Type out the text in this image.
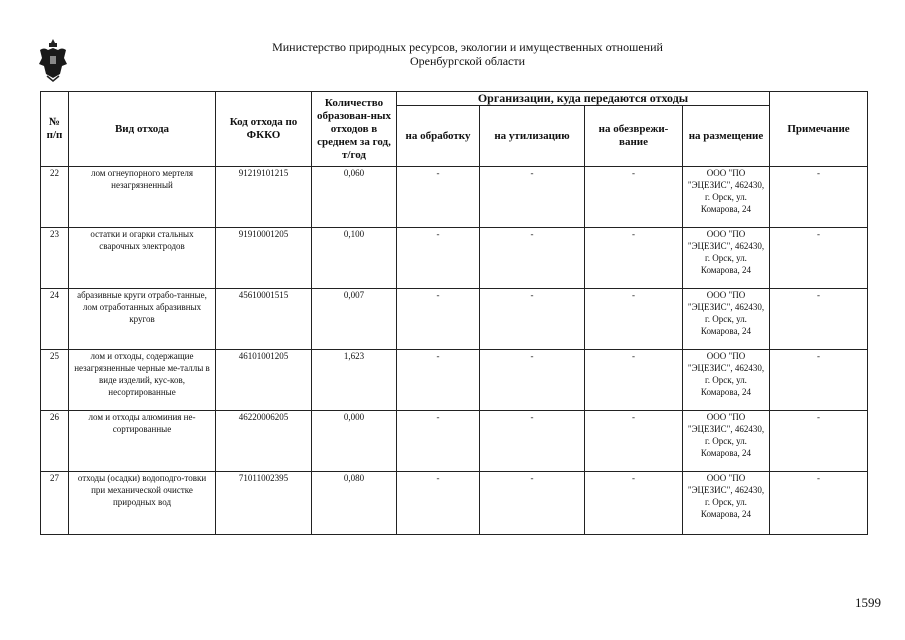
Министерство природных ресурсов, экологии и имущественных отношений
Оренбургской области
№ п/п	Вид отхода	Код отхода по ФККО	Количество образован-ных отходов в среднем за год, т/год	Организации, куда передаются отходы				Примечание
				на обработку	на утилизацию	на обезврежи-вание	на размещение	
22	лом огнеупорного мертеля незагрязненный	91219101215	0,060	-	-	-	ООО "ПО "ЭЦЕЗИС", 462430, г. Орск, ул. Комарова, 24	-
23	остатки и огарки стальных сварочных электродов	91910001205	0,100	-	-	-	ООО "ПО "ЭЦЕЗИС", 462430, г. Орск, ул. Комарова, 24	-
24	абразивные круги отрабо-танные, лом отработанных абразивных кругов	45610001515	0,007	-	-	-	ООО "ПО "ЭЦЕЗИС", 462430, г. Орск, ул. Комарова, 24	-
25	лом и отходы, содержащие незагрязненные черные ме-таллы в виде изделий, кус-ков, несортированные	46101001205	1,623	-	-	-	ООО "ПО "ЭЦЕЗИС", 462430, г. Орск, ул. Комарова, 24	-
26	лом и отходы алюминия не-сортированные	46220006205	0,000	-	-	-	ООО "ПО "ЭЦЕЗИС", 462430, г. Орск, ул. Комарова, 24	-
27	отходы (осадки) водоподго-товки при механической очистке природных вод	71011002395	0,080	-	-	-	ООО "ПО "ЭЦЕЗИС", 462430, г. Орск, ул. Комарова, 24	-
1599
